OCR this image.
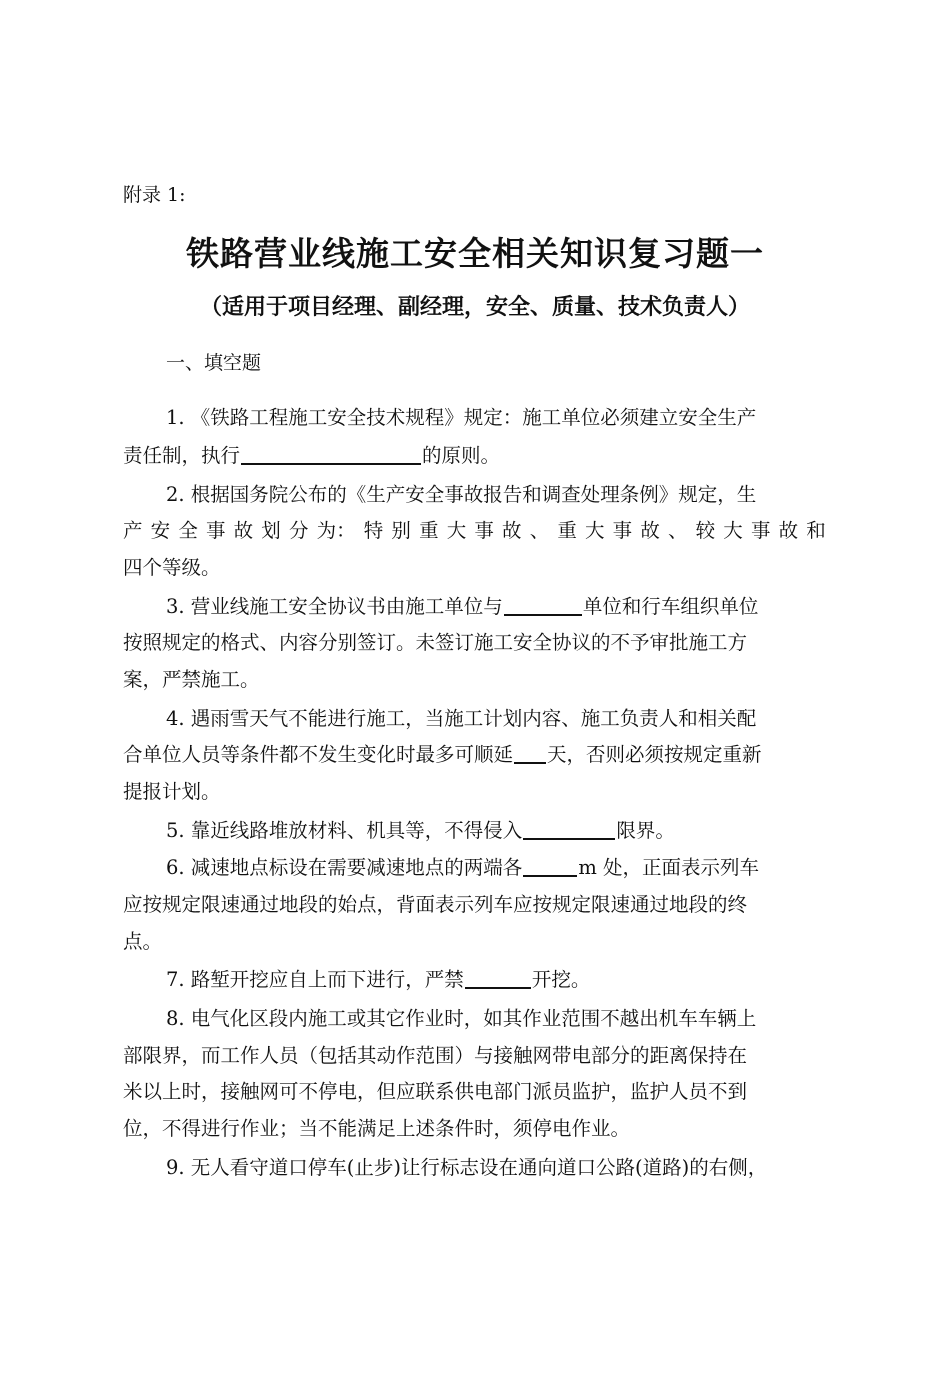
附录 1:
铁路营业线施工安全相关知识复习题一
（适用于项目经理、副经理，安全、质量、技术负责人）
一、填空题
1. 《铁路工程施工安全技术规程》规定：施工单位必须建立安全生产
责任制，执行	的原则。
2. 根据国务院公布的《生产安全事故报告和调查处理条例》规定，生
产 安 全 事 故 划 分 为： 特 别 重 大 事 故 、 重 大 事 故 、 较 大 事 故 和
四个等级。
3. 营业线施工安全协议书由施工单位与	单位和行车组织单位
按照规定的格式、内容分别签订。未签订施工安全协议的不予审批施工方
案，严禁施工。
4. 遇雨雪天气不能进行施工，当施工计划内容、施工负责人和相关配
合单位人员等条件都不发生变化时最多可顺延 天，否则必须按规定重新
提报计划。
5. 靠近线路堆放材料、机具等，不得侵入	限界。
6. 减速地点标设在需要减速地点的两端各	m 处，正面表示列车
应按规定限速通过地段的始点，背面表示列车应按规定限速通过地段的终
点。
7. 路堑开挖应自上而下进行，严禁	开挖。
8. 电气化区段内施工或其它作业时，如其作业范围不越出机车车辆上
部限界，而工作人员（包括其动作范围）与接触网带电部分的距离保持在
米以上时，接触网可不停电，但应联系供电部门派员监护，监护人员不到
位，不得进行作业；当不能满足上述条件时，须停电作业。
9. 无人看守道口停车(止步)让行标志设在通向道口公路(道路)的右侧，
